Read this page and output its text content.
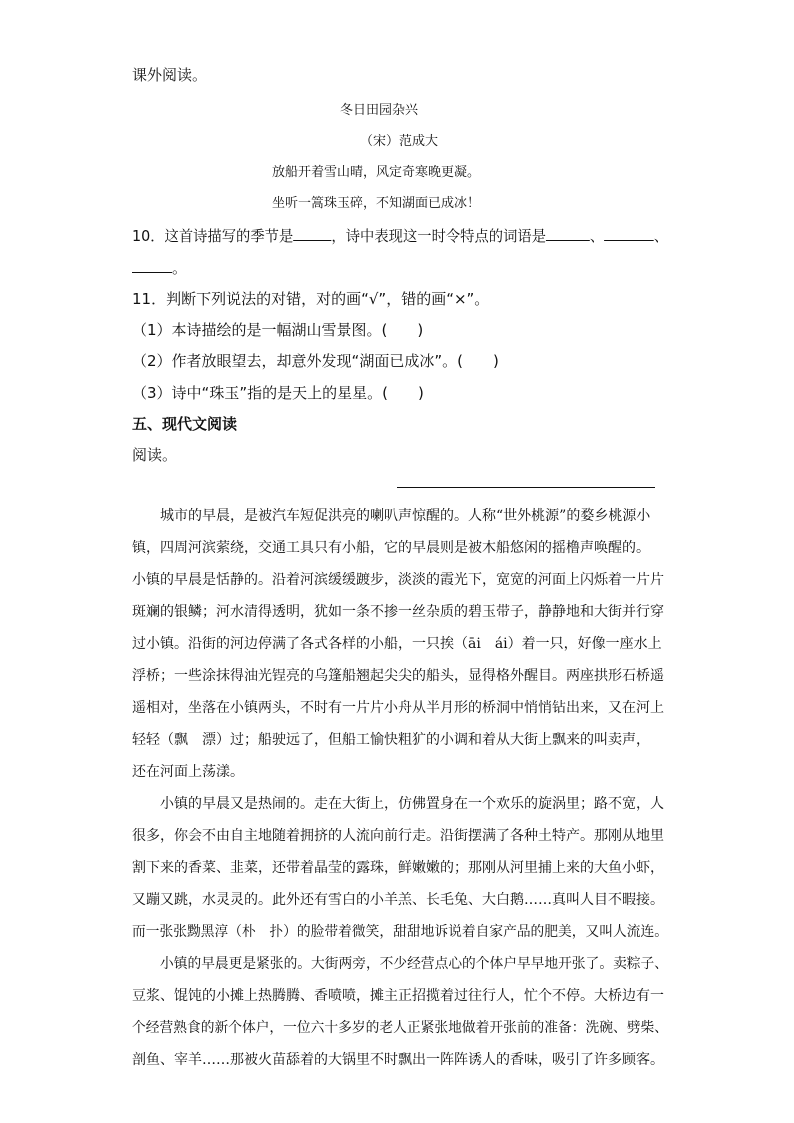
课外阅读。
冬日田园杂兴
（宋）范成大
放船开着雪山晴，风定奇寒晚更凝。
坐听一篙珠玉碎，不知湖面已成冰！
10．这首诗描写的季节是	，诗中表现这一时令特点的词语是	、	、
。
11．判断下列说法的对错，对的画“√”，错的画“×”。
（1）本诗描绘的是一幅湖山雪景图。(　　)
（2）作者放眼望去，却意外发现“湖面已成冰”。(　　)
（3）诗中“珠玉”指的是天上的星星。(　　)
五、现代文阅读
阅读。
城市的早晨，是被汽车短促洪亮的喇叭声惊醒的。人称“世外桃源”的婺乡桃源小
镇，四周河滨萦绕，交通工具只有小船，它的早晨则是被木船悠闲的摇橹声唤醒的。
小镇的早晨是恬静的。沿着河滨缓缓踱步，淡淡的霞光下，宽宽的河面上闪烁着一片片
斑斓的银鳞；河水清得透明，犹如一条不掺一丝杂质的碧玉带子，静静地和大街并行穿
过小镇。沿街的河边停满了各式各样的小船，一只挨（āi　ái）着一只，好像一座水上
浮桥；一些涂抹得油光锃亮的乌篷船翘起尖尖的船头，显得格外醒目。两座拱形石桥遥
遥相对，坐落在小镇两头，不时有一片片小舟从半月形的桥洞中悄悄钻出来，又在河上
轻轻（飘　漂）过；船驶远了，但船工愉快粗犷的小调和着从大街上飘来的叫卖声，
还在河面上荡漾。
小镇的早晨又是热闹的。走在大街上，仿佛置身在一个欢乐的旋涡里；路不宽，人
很多，你会不由自主地随着拥挤的人流向前行走。沿街摆满了各种土特产。那刚从地里
割下来的香菜、韭菜，还带着晶莹的露珠，鲜嫩嫩的；那刚从河里捕上来的大鱼小虾，
又蹦又跳，水灵灵的。此外还有雪白的小羊羔、长毛兔、大白鹅……真叫人目不暇接。
而一张张黝黑淳（朴　扑）的脸带着微笑，甜甜地诉说着自家产品的肥美，又叫人流连。
小镇的早晨更是紧张的。大街两旁，不少经营点心的个体户早早地开张了。卖粽子、
豆浆、馄饨的小摊上热腾腾、香喷喷，摊主正招揽着过往行人，忙个不停。大桥边有一
个经营熟食的新个体户，一位六十多岁的老人正紧张地做着开张前的准备：洗碗、劈柴、
剖鱼、宰羊……那被火苗舔着的大锅里不时飘出一阵阵诱人的香味，吸引了许多顾客。
